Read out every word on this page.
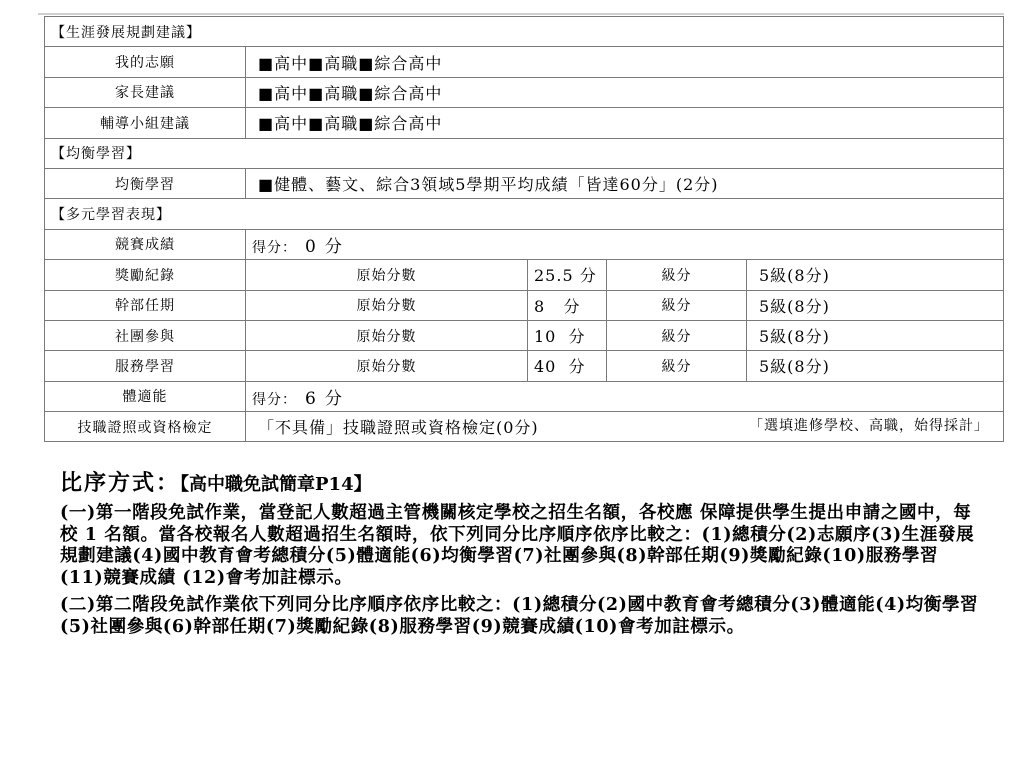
【生涯發展規劃建議】				
我的志願	■高中■高職■綜合高中			
家長建議	■高中■高職■綜合高中			
輔導小組建議	■高中■高職■綜合高中			
【均衡學習】				
均衡學習	■健體、藝文、綜合3領域5學期平均成績「皆達60分」(2分)			
【多元學習表現】				
競賽成績	得分： 0 分			
獎勵紀錄	原始分數	25.5 分	級分	5級(8分)
幹部任期	原始分數	8 分	級分	5級(8分)
社團參與	原始分數	10 分	級分	5級(8分)
服務學習	原始分數	40 分	級分	5級(8分)
體適能	得分： 6 分			
技職證照或資格檢定	「不具備」技職證照或資格檢定(0分) 「選填進修學校、高職，始得採計」			
比序方式：【高中職免試簡章P14】

(一)第一階段免試作業，當登記人數超過主管機關核定學校之招生名額，各校應 保障提供學生提出申請之國中，每校 1 名額。當各校報名人數超過招生名額時，依下列同分比序順序依序比較之：(1)總積分(2)志願序(3)生涯發展規劃建議(4)國中教育會考總積分(5)體適能(6)均衡學習(7)社團參與(8)幹部任期(9)獎勵紀錄(10)服務學習 (11)競賽成績 (12)會考加註標示。

(二)第二階段免試作業依下列同分比序順序依序比較之：(1)總積分(2)國中教育會考總積分(3)體適能(4)均衡學習(5)社團參與(6)幹部任期(7)獎勵紀錄(8)服務學習(9)競賽成績(10)會考加註標示。
